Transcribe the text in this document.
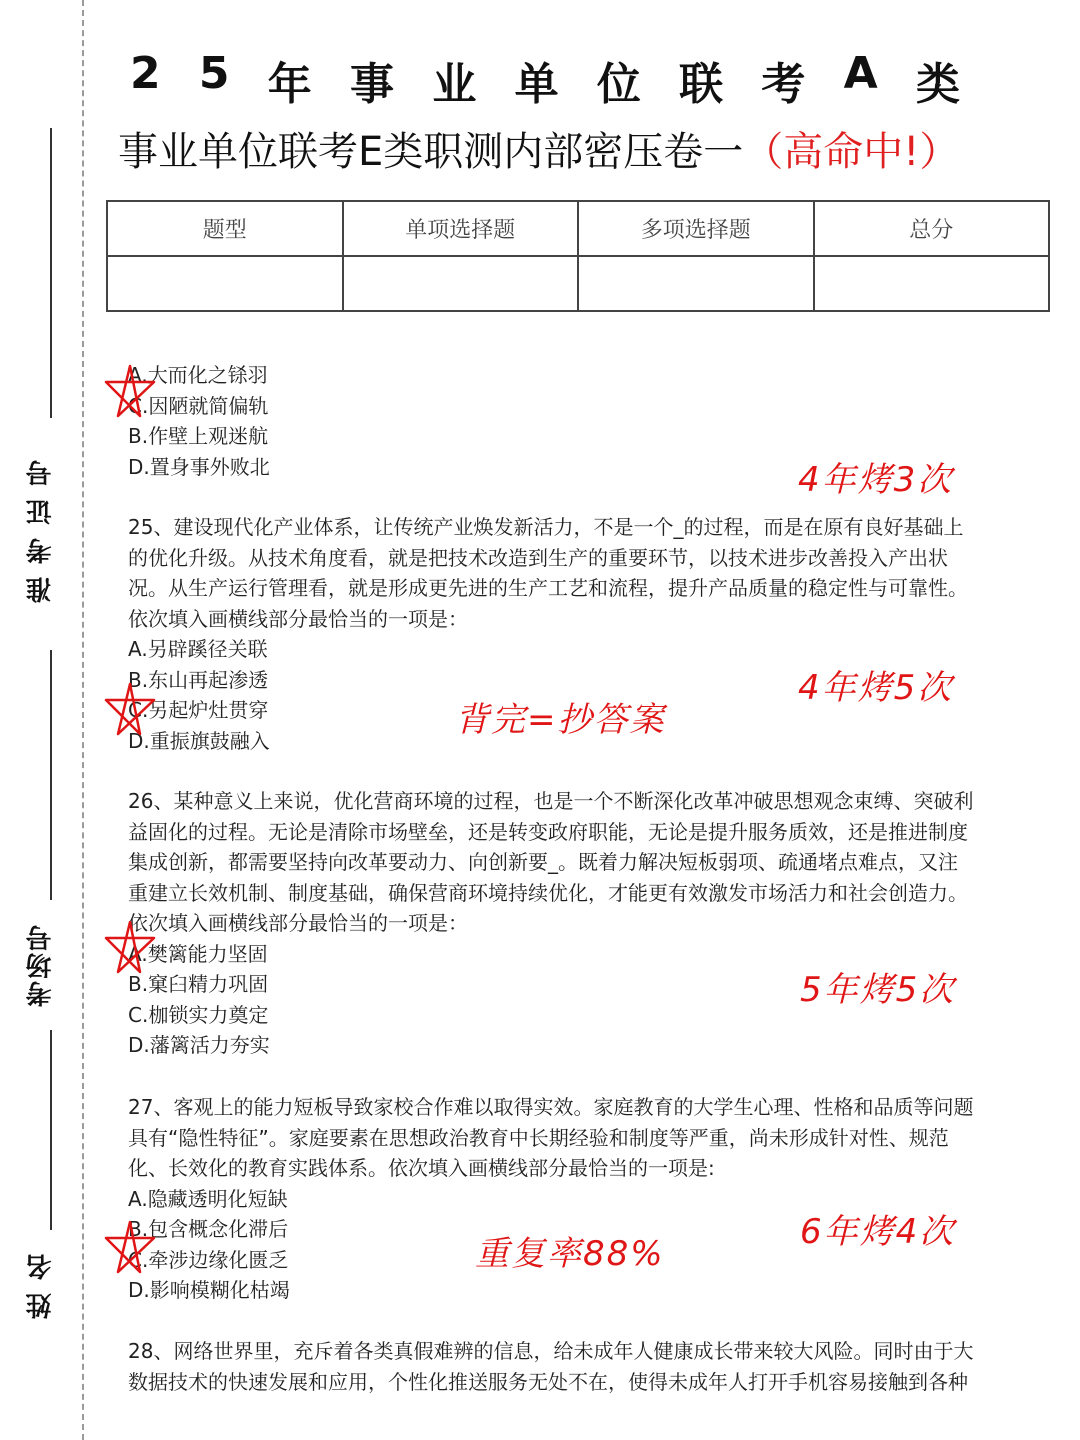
准 考 证 号
考场号
姓 名
2 5 年 事 业 单 位 联 考 A 类
事业单位联考E类职测内部密压卷一（高命中!）
题型	单项选择题	多项选择题	总分

A.大而化之铩羽
C.因陋就简偏轨
B.作壁上观迷航
D.置身事外败北
25、建设现代化产业体系，让传统产业焕发新活力，不是一个_的过程，而是在原有良好基础上
的优化升级。从技术角度看，就是把技术改造到生产的重要环节，以技术进步改善投入产出状
况。从生产运行管理看，就是形成更先进的生产工艺和流程，提升产品质量的稳定性与可靠性。
依次填入画横线部分最恰当的一项是：
A.另辟蹊径关联
B.东山再起渗透
C.另起炉灶贯穿
D.重振旗鼓融入
26、某种意义上来说，优化营商环境的过程，也是一个不断深化改革冲破思想观念束缚、突破利
益固化的过程。无论是清除市场壁垒，还是转变政府职能，无论是提升服务质效，还是推进制度
集成创新，都需要坚持向改革要动力、向创新要_。既着力解决短板弱项、疏通堵点难点，又注
重建立长效机制、制度基础，确保营商环境持续优化，才能更有效激发市场活力和社会创造力。
依次填入画横线部分最恰当的一项是：
A.樊篱能力坚固
B.窠臼精力巩固
C.枷锁实力奠定
D.藩篱活力夯实
27、客观上的能力短板导致家校合作难以取得实效。家庭教育的大学生心理、性格和品质等问题
具有“隐性特征”。家庭要素在思想政治教育中长期经验和制度等严重，尚未形成针对性、规范
化、长效化的教育实践体系。依次填入画横线部分最恰当的一项是:
A.隐藏透明化短缺
B.包含概念化滞后
C.牵涉边缘化匮乏
D.影响模糊化枯竭
28、网络世界里，充斥着各类真假难辨的信息，给未成年人健康成长带来较大风险。同时由于大
数据技术的快速发展和应用，个性化推送服务无处不在，使得未成年人打开手机容易接触到各种
4年烤3次
4年烤5次
背完=抄答案
5年烤5次
6年烤4次
重复率88%
